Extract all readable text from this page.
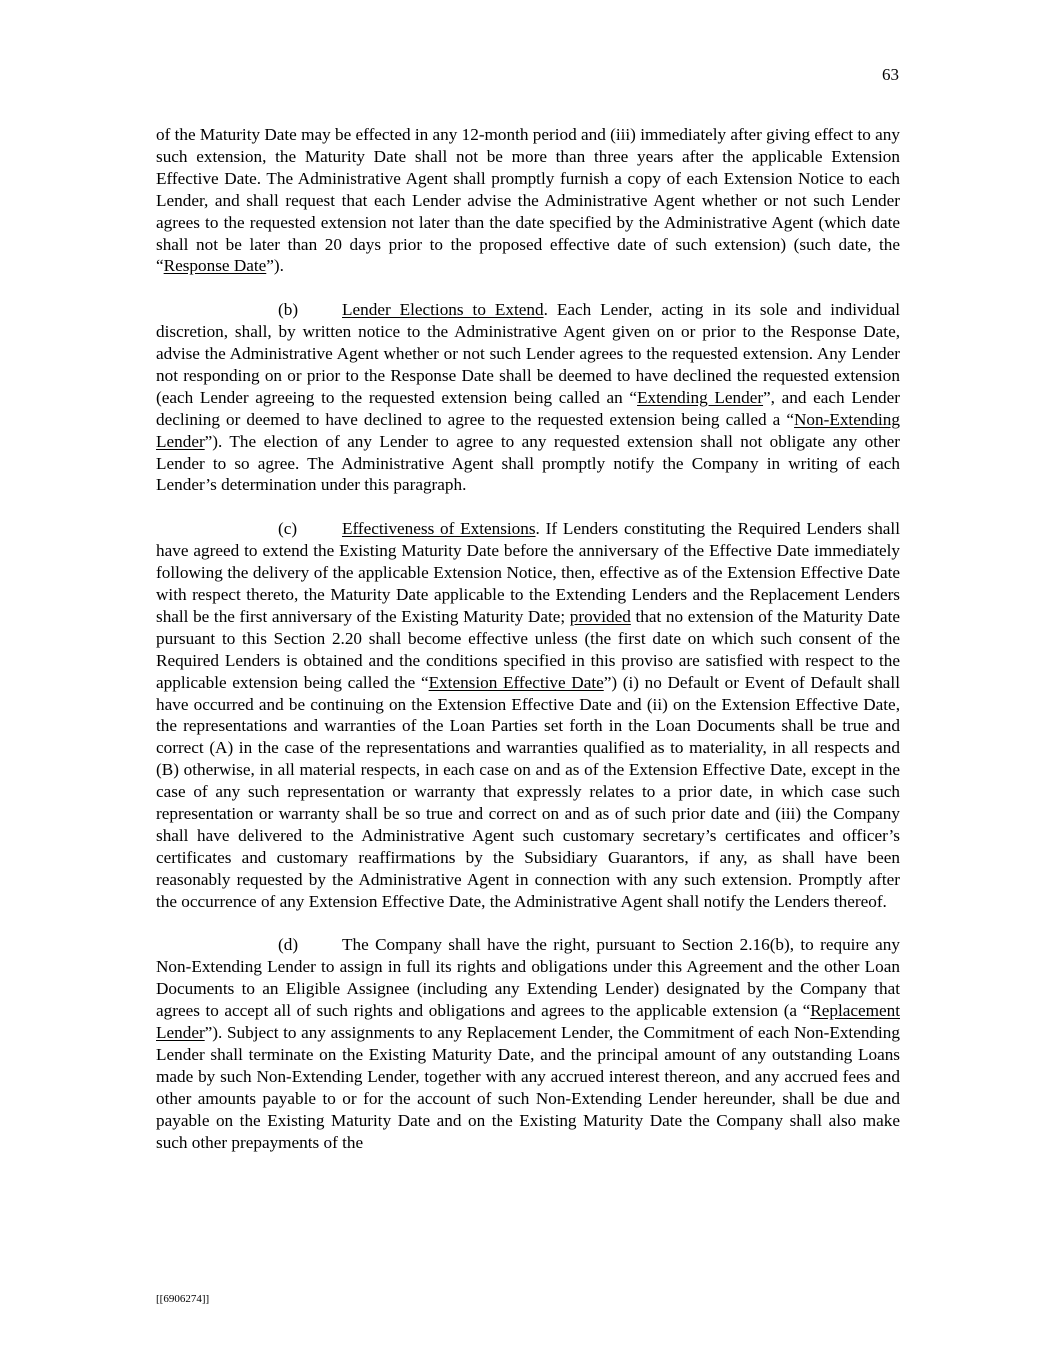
63

of the Maturity Date may be effected in any 12-month period and (iii) immediately after giving effect to any such extension, the Maturity Date shall not be more than three years after the applicable Extension Effective Date. The Administrative Agent shall promptly furnish a copy of each Extension Notice to each Lender, and shall request that each Lender advise the Administrative Agent whether or not such Lender agrees to the requested extension not later than the date specified by the Administrative Agent (which date shall not be later than 20 days prior to the proposed effective date of such extension) (such date, the “Response Date”).

(b)	Lender Elections to Extend. Each Lender, acting in its sole and individual discretion, shall, by written notice to the Administrative Agent given on or prior to the Response Date, advise the Administrative Agent whether or not such Lender agrees to the requested extension. Any Lender not responding on or prior to the Response Date shall be deemed to have declined the requested extension (each Lender agreeing to the requested extension being called an “Extending Lender”, and each Lender declining or deemed to have declined to agree to the requested extension being called a “Non-Extending Lender”). The election of any Lender to agree to any requested extension shall not obligate any other Lender to so agree. The Administrative Agent shall promptly notify the Company in writing of each Lender’s determination under this paragraph.

(c)	Effectiveness of Extensions. If Lenders constituting the Required Lenders shall have agreed to extend the Existing Maturity Date before the anniversary of the Effective Date immediately following the delivery of the applicable Extension Notice, then, effective as of the Extension Effective Date with respect thereto, the Maturity Date applicable to the Extending Lenders and the Replacement Lenders shall be the first anniversary of the Existing Maturity Date; provided that no extension of the Maturity Date pursuant to this Section 2.20 shall become effective unless (the first date on which such consent of the Required Lenders is obtained and the conditions specified in this proviso are satisfied with respect to the applicable extension being called the “Extension Effective Date”) (i) no Default or Event of Default shall have occurred and be continuing on the Extension Effective Date and (ii) on the Extension Effective Date, the representations and warranties of the Loan Parties set forth in the Loan Documents shall be true and correct (A) in the case of the representations and warranties qualified as to materiality, in all respects and (B) otherwise, in all material respects, in each case on and as of the Extension Effective Date, except in the case of any such representation or warranty that expressly relates to a prior date, in which case such representation or warranty shall be so true and correct on and as of such prior date and (iii) the Company shall have delivered to the Administrative Agent such customary secretary’s certificates and officer’s certificates and customary reaffirmations by the Subsidiary Guarantors, if any, as shall have been reasonably requested by the Administrative Agent in connection with any such extension. Promptly after the occurrence of any Extension Effective Date, the Administrative Agent shall notify the Lenders thereof.

(d)	The Company shall have the right, pursuant to Section 2.16(b), to require any Non-Extending Lender to assign in full its rights and obligations under this Agreement and the other Loan Documents to an Eligible Assignee (including any Extending Lender) designated by the Company that agrees to accept all of such rights and obligations and agrees to the applicable extension (a “Replacement Lender”). Subject to any assignments to any Replacement Lender, the Commitment of each Non-Extending Lender shall terminate on the Existing Maturity Date, and the principal amount of any outstanding Loans made by such Non-Extending Lender, together with any accrued interest thereon, and any accrued fees and other amounts payable to or for the account of such Non-Extending Lender hereunder, shall be due and payable on the Existing Maturity Date and on the Existing Maturity Date the Company shall also make such other prepayments of the

[[6906274]]
